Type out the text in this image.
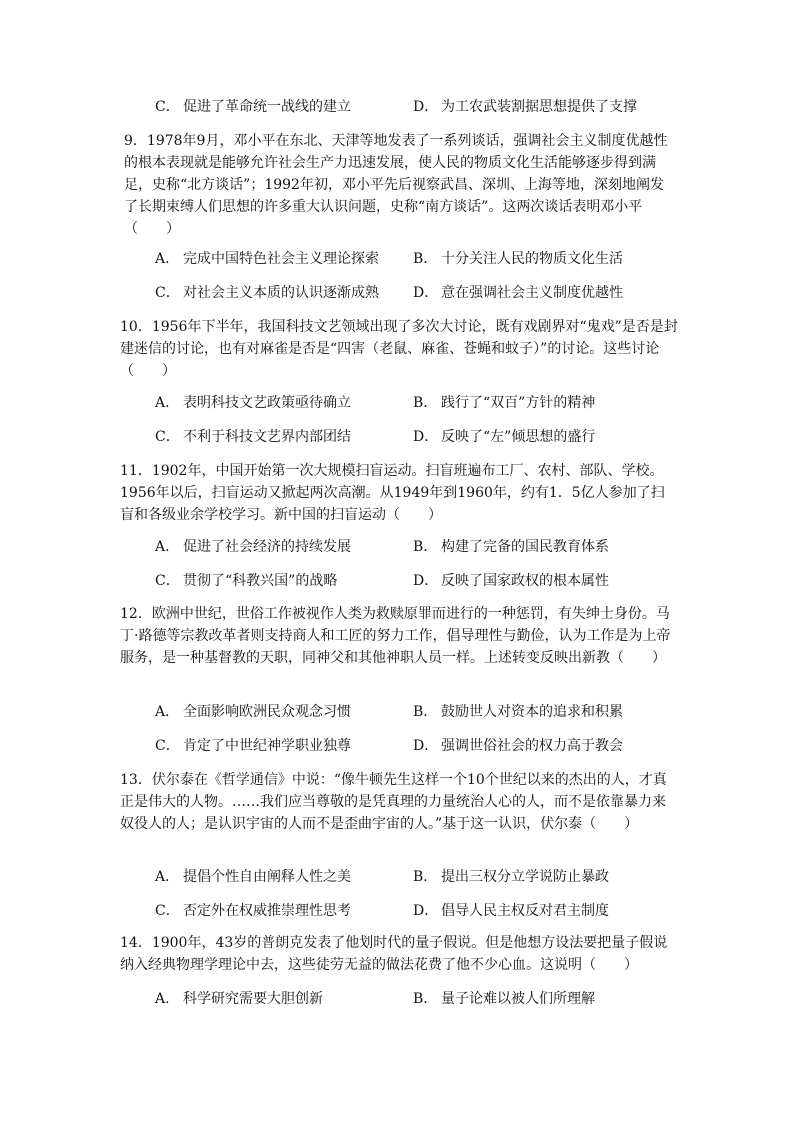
C． 促进了革命统一战线的建立	D． 为工农武装割据思想提供了支撑
9．1978年9月，邓小平在东北、天津等地发表了一系列谈话，强调社会主义制度优越性的根本表现就是能够允许社会生产力迅速发展，使人民的物质文化生活能够逐步得到满足，史称“北方谈话”；1992年初，邓小平先后视察武昌、深圳、上海等地，深刻地阐发了长期束缚人们思想的许多重大认识问题，史称“南方谈话”。这两次谈话表明邓小平（　　）
A． 完成中国特色社会主义理论探索 B． 十分关注人民的物质文化生活
C． 对社会主义本质的认识逐渐成熟 D． 意在强调社会主义制度优越性
10．1956年下半年，我国科技文艺领域出现了多次大讨论，既有戏剧界对“鬼戏”是否是封建迷信的讨论，也有对麻雀是否是“四害（老鼠、麻雀、苍蝇和蚊子）”的讨论。这些讨论（　　）
A． 表明科技文艺政策亟待确立	B． 践行了“双百”方针的精神
C． 不利于科技文艺界内部团结	D． 反映了“左”倾思想的盛行
11．1902年，中国开始第一次大规模扫盲运动。扫盲班遍布工厂、农村、部队、学校。1956年以后，扫盲运动又掀起两次高潮。从1949年到1960年，约有1．5亿人参加了扫盲和各级业余学校学习。新中国的扫盲运动（　　）
A． 促进了社会经济的持续发展	B． 构建了完备的国民教育体系
C． 贯彻了“科教兴国”的战略	D． 反映了国家政权的根本属性
12．欧洲中世纪，世俗工作被视作人类为救赎原罪而进行的一种惩罚，有失绅士身份。马丁·路德等宗教改革者则支持商人和工匠的努力工作，倡导理性与勤俭，认为工作是为上帝服务，是一种基督教的天职，同神父和其他神职人员一样。上述转变反映出新教（　　）
A． 全面影响欧洲民众观念习惯	B． 鼓励世人对资本的追求和积累
C． 肯定了中世纪神学职业独尊	D． 强调世俗社会的权力高于教会
13．伏尔泰在《哲学通信》中说：“像牛顿先生这样一个10个世纪以来的杰出的人，才真正是伟大的人物。……我们应当尊敬的是凭真理的力量统治人心的人，而不是依靠暴力来奴役人的人；是认识宇宙的人而不是歪曲宇宙的人。”基于这一认识，伏尔泰（　　）
A． 提倡个性自由阐释人性之美	B． 提出三权分立学说防止暴政
C． 否定外在权威推崇理性思考	D． 倡导人民主权反对君主制度
14．1900年，43岁的普朗克发表了他划时代的量子假说。但是他想方设法要把量子假说纳入经典物理学理论中去，这些徒劳无益的做法花费了他不少心血。这说明（　　）
A． 科学研究需要大胆创新	B． 量子论难以被人们所理解
